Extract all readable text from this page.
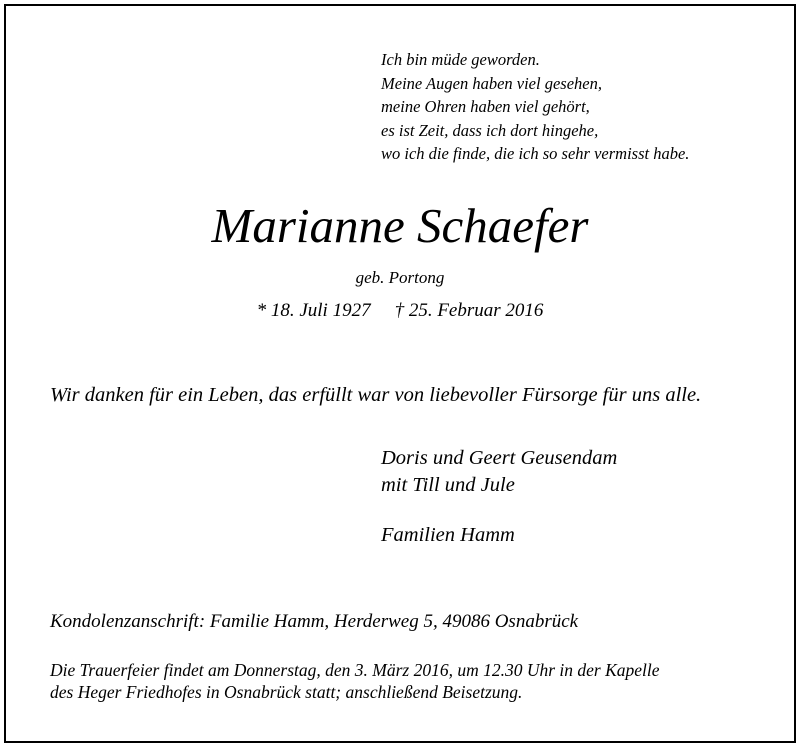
Ich bin müde geworden.
Meine Augen haben viel gesehen,
meine Ohren haben viel gehört,
es ist Zeit, dass ich dort hingehe,
wo ich die finde, die ich so sehr vermisst habe.
Marianne Schaefer
geb. Portong
* 18. Juli 1927 † 25. Februar 2016
Wir danken für ein Leben, das erfüllt war von liebevoller Fürsorge für uns alle.
Doris und Geert Geusendam
mit Till und Jule
Familien Hamm
Kondolenzanschrift: Familie Hamm, Herderweg 5, 49086 Osnabrück
Die Trauerfeier findet am Donnerstag, den 3. März 2016, um 12.30 Uhr in der Kapelle
des Heger Friedhofes in Osnabrück statt; anschließend Beisetzung.
